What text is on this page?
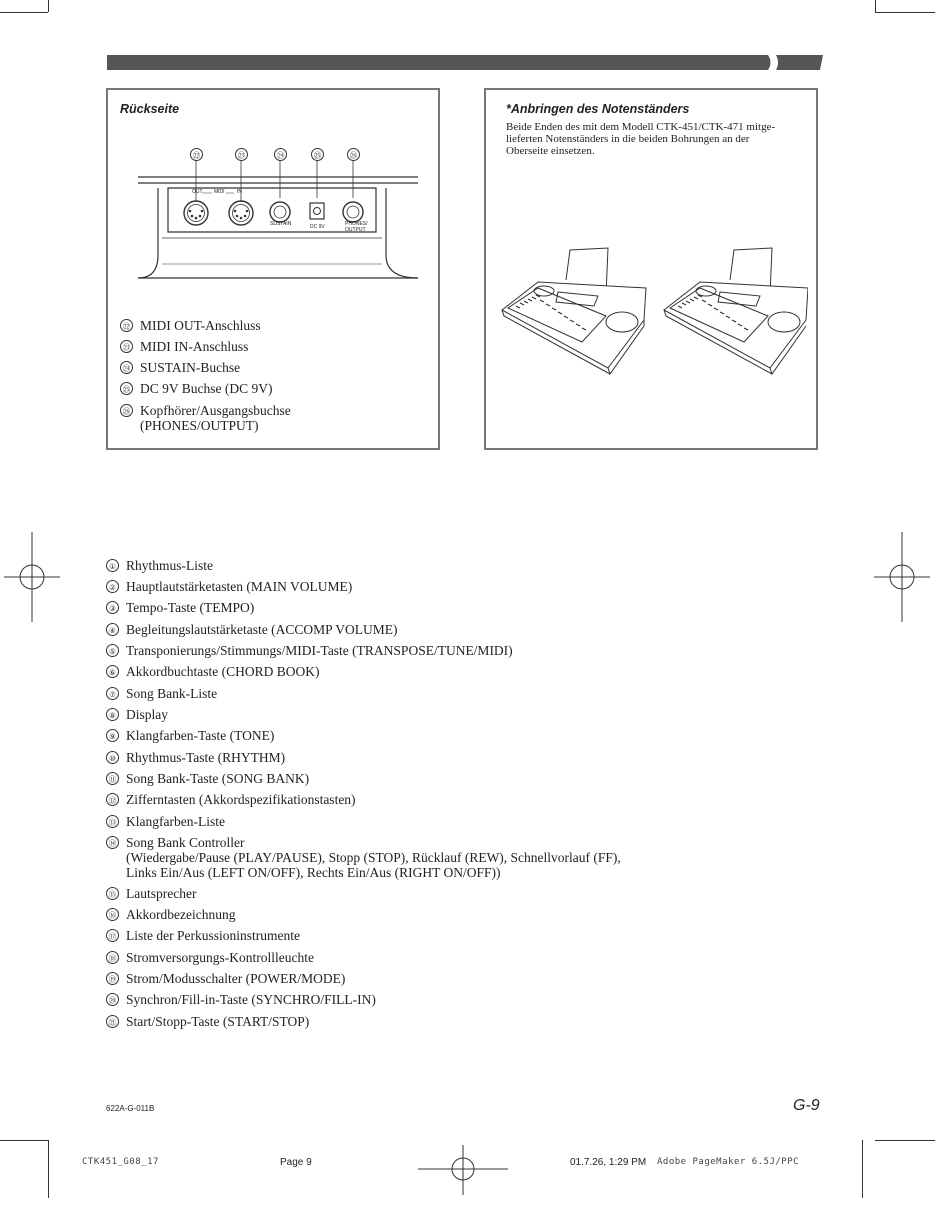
Rückseite
㉒	㉓	㉔	㉕	㉖
OUT MIDI IN
SUSTAIN	DC 9V	PHONES/
OUTPUT
㉒ MIDI OUT-Anschluss
㉓ MIDI IN-Anschluss
㉔ SUSTAIN-Buchse
㉕ DC 9V Buchse (DC 9V)
㉖ Kopfhörer/Ausgangsbuchse
(PHONES/OUTPUT)
*Anbringen des Notenständers
Beide Enden des mit dem Modell CTK-451/CTK-471 mitge-
lieferten Notenständers in die beiden Bohrungen an der
Oberseite einsetzen.
① Rhythmus-Liste
② Hauptlautstärketasten (MAIN VOLUME)
③ Tempo-Taste (TEMPO)
④ Begleitungslautstärketaste (ACCOMP VOLUME)
⑤ Transponierungs/Stimmungs/MIDI-Taste (TRANSPOSE/TUNE/MIDI)
⑥ Akkordbuchtaste (CHORD BOOK)
⑦ Song Bank-Liste
⑧ Display
⑨ Klangfarben-Taste (TONE)
⑩ Rhythmus-Taste (RHYTHM)
⑪ Song Bank-Taste (SONG BANK)
⑫ Zifferntasten (Akkordspezifikationstasten)
⑬ Klangfarben-Liste
⑭ Song Bank Controller
(Wiedergabe/Pause (PLAY/PAUSE), Stopp (STOP), Rücklauf (REW), Schnellvorlauf (FF),
Links Ein/Aus (LEFT ON/OFF), Rechts Ein/Aus (RIGHT ON/OFF))
⑮ Lautsprecher
⑯ Akkordbezeichnung
⑰ Liste der Perkussioninstrumente
⑱ Stromversorgungs-Kontrollleuchte
⑲ Strom/Modusschalter (POWER/MODE)
⑳ Synchron/Fill-in-Taste (SYNCHRO/FILL-IN)
㉑ Start/Stopp-Taste (START/STOP)
622A-G-011B	G-9
CTK451_G08_17	Page 9	01.7.26, 1:29 PM Adobe PageMaker 6.5J/PPC
